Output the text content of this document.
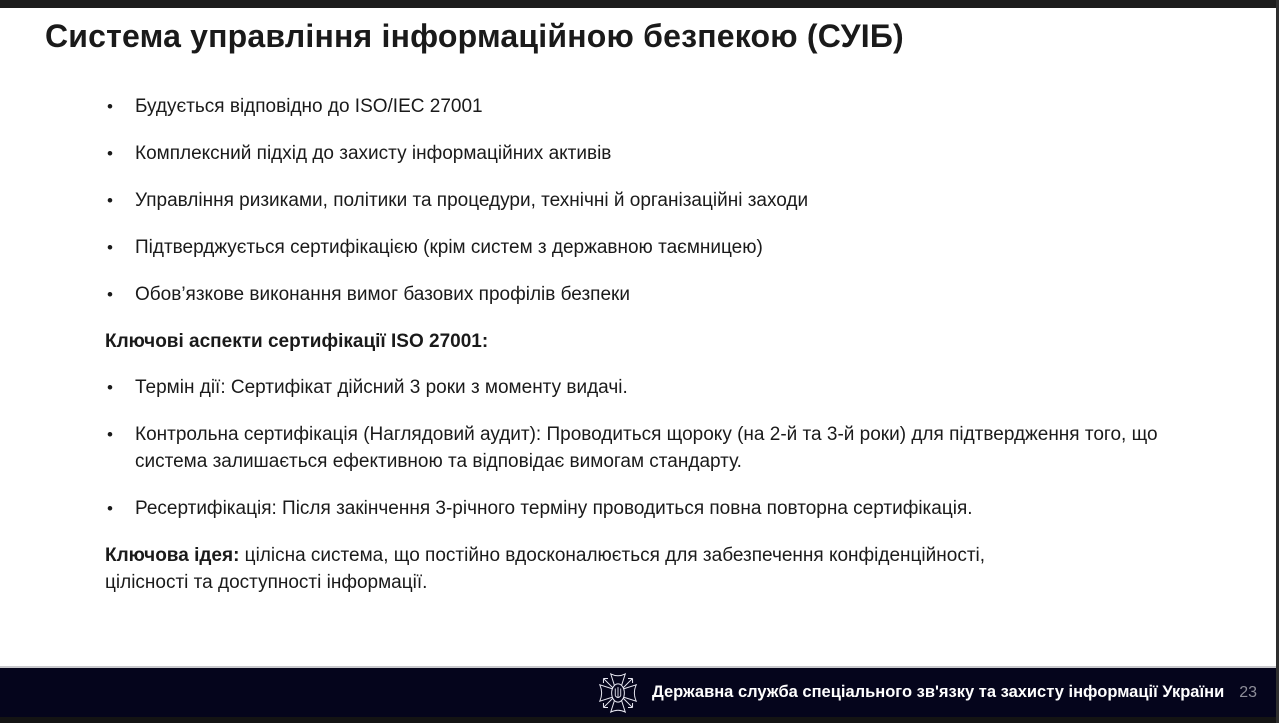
Система управління інформаційною безпекою (СУІБ)
• Будується відповідно до ISO/IEC 27001
• Комплексний підхід до захисту інформаційних активів
• Управління ризиками, політики та процедури, технічні й організаційні заходи
• Підтверджується сертифікацією (крім систем з державною таємницею)
• Обов’язкове виконання вимог базових профілів безпеки
Ключові аспекти сертифікації ISO 27001:
• Термін дії: Сертифікат дійсний 3 роки з моменту видачі.
• Контрольна сертифікація (Наглядовий аудит): Проводиться щороку (на 2-й та 3-й роки) для підтвердження того, що система залишається ефективною та відповідає вимогам стандарту.
• Ресертифікація: Після закінчення 3-річного терміну проводиться повна повторна сертифікація.

Ключова ідея: цілісна система, що постійно вдосконалюється для забезпечення конфіденційності, цілісності та доступності інформації.

Державна служба спеціального зв'язку та захисту інформації України 23
